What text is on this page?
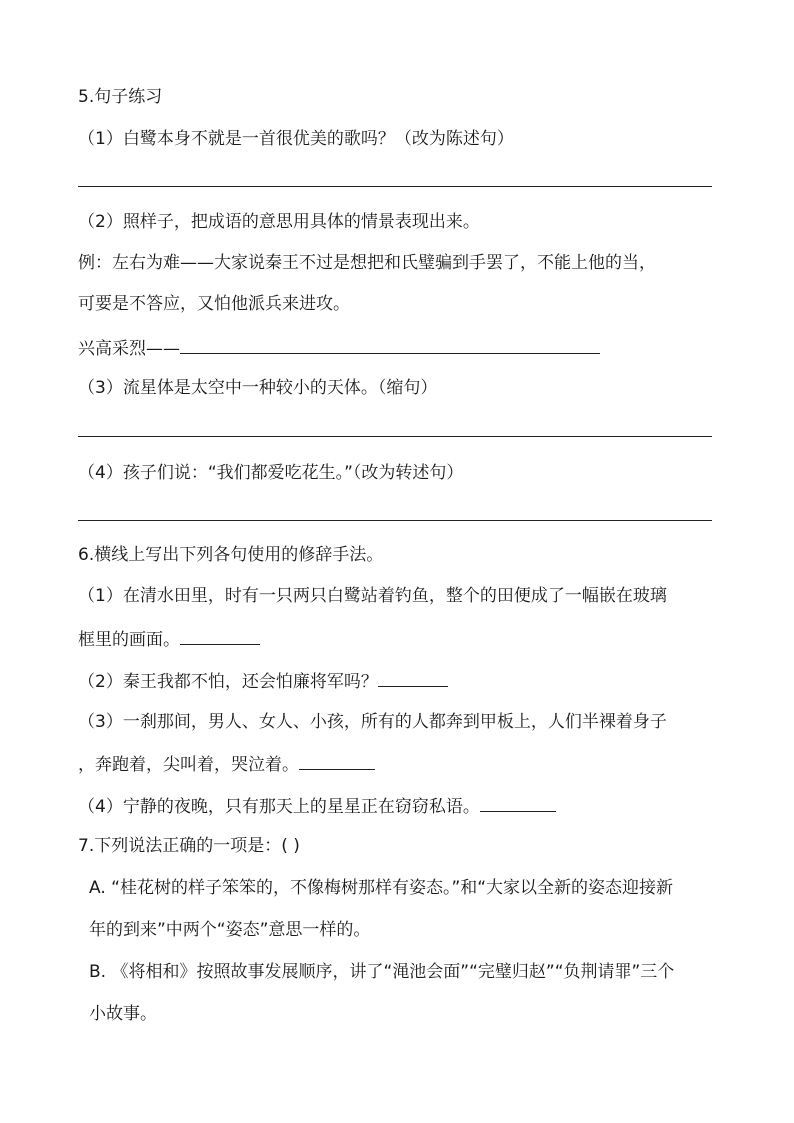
5.句子练习
（1）白鹭本身不就是一首很优美的歌吗？（改为陈述句）
（2）照样子，把成语的意思用具体的情景表现出来。
例：左右为难——大家说秦王不过是想把和氏璧骗到手罢了，不能上他的当，
可要是不答应，又怕他派兵来进攻。
兴高采烈——
（3）流星体是太空中一种较小的天体。（缩句）
（4）孩子们说：“我们都爱吃花生。”（改为转述句）
6.横线上写出下列各句使用的修辞手法。
（1）在清水田里，时有一只两只白鹭站着钓鱼，整个的田便成了一幅嵌在玻璃
框里的画面。
（2）秦王我都不怕，还会怕廉将军吗？
（3）一刹那间，男人、女人、小孩，所有的人都奔到甲板上，人们半裸着身子
，奔跑着，尖叫着，哭泣着。
（4）宁静的夜晚，只有那天上的星星正在窃窃私语。
7.下列说法正确的一项是：( )
A. “桂花树的样子笨笨的，不像梅树那样有姿态。”和“大家以全新的姿态迎接新
年的到来”中两个“姿态”意思一样的。
B. 《将相和》按照故事发展顺序，讲了“渑池会面”“完璧归赵”“负荆请罪”三个
小故事。
